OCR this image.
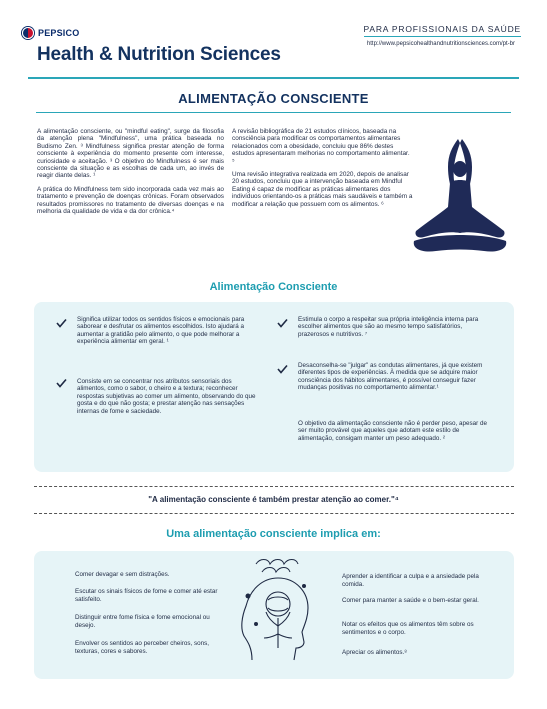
PEPSICO
Health & Nutrition Sciences
PARA PROFISSIONAIS DA SAÚDE
http://www.pepsicohealthandnutritionsciences.com/pt-br
ALIMENTAÇÃO CONSCIENTE

A alimentação consciente, ou "mindful eating", surge da filosofia da atenção plena "Mindfulness", uma prática baseada no Budismo Zen. ³ Mindfulness significa prestar atenção de forma consciente à experiência do momento presente com interesse, curiosidade e aceitação. ³ O objetivo do Mindfulness é ser mais consciente da situação e as escolhas de cada um, ao invés de reagir diante delas. ¹

A prática do Mindfulness tem sido incorporada cada vez mais ao tratamento e prevenção de doenças crônicas. Foram observados resultados promissores no tratamento de diversas doenças e na melhoria da qualidade de vida e da dor crônica.⁴

A revisão bibliográfica de 21 estudos clínicos, baseada na consciência para modificar os comportamentos alimentares relacionados com a obesidade, concluiu que 86% destes estudos apresentaram melhorias no comportamento alimentar. ⁵

Uma revisão integrativa realizada em 2020, depois de analisar 20 estudos, concluiu que a intervenção baseada em Mindful Eating é capaz de modificar as práticas alimentares dos indivíduos orientando-os a práticas mais saudáveis e também a modificar a relação que possuem com os alimentos. ⁶

Alimentação Consciente
Significa utilizar todos os sentidos físicos e emocionais para saborear e desfrutar os alimentos escolhidos. Isto ajudará a aumentar a gratidão pelo alimento, o que pode melhorar a experiência alimentar em geral. ¹
Consiste em se concentrar nos atributos sensoriais dos alimentos, como o sabor, o cheiro e a textura; reconhecer respostas subjetivas ao comer um alimento, observando do que gosta e do que não gosta; e prestar atenção nas sensações internas de fome e saciedade.
Estimula o corpo a respeitar sua própria inteligência interna para escolher alimentos que são ao mesmo tempo satisfatórios, prazerosos e nutritivos. ⁷
Desaconselha-se "julgar" as condutas alimentares, já que existem diferentes tipos de experiências. À medida que se adquire maior consciência dos hábitos alimentares, é possível conseguir fazer mudanças positivas no comportamento alimentar.¹
O objetivo da alimentação consciente não é perder peso, apesar de ser muito provável que aqueles que adotam este estilo de alimentação, consigam manter um peso adequado. ²
"A alimentação consciente é também prestar atenção ao comer."⁴
Uma alimentação consciente implica em:
Comer devagar e sem distrações.
Escutar os sinais físicos de fome e comer até estar satisfeito.
Distinguir entre fome física e fome emocional ou desejo.
Envolver os sentidos ao perceber cheiros, sons, texturas, cores e sabores.
Aprender a identificar a culpa e a ansiedade pela comida.
Comer para manter a saúde e o bem-estar geral.
Notar os efeitos que os alimentos têm sobre os sentimentos e o corpo.
Apreciar os alimentos.⁸
